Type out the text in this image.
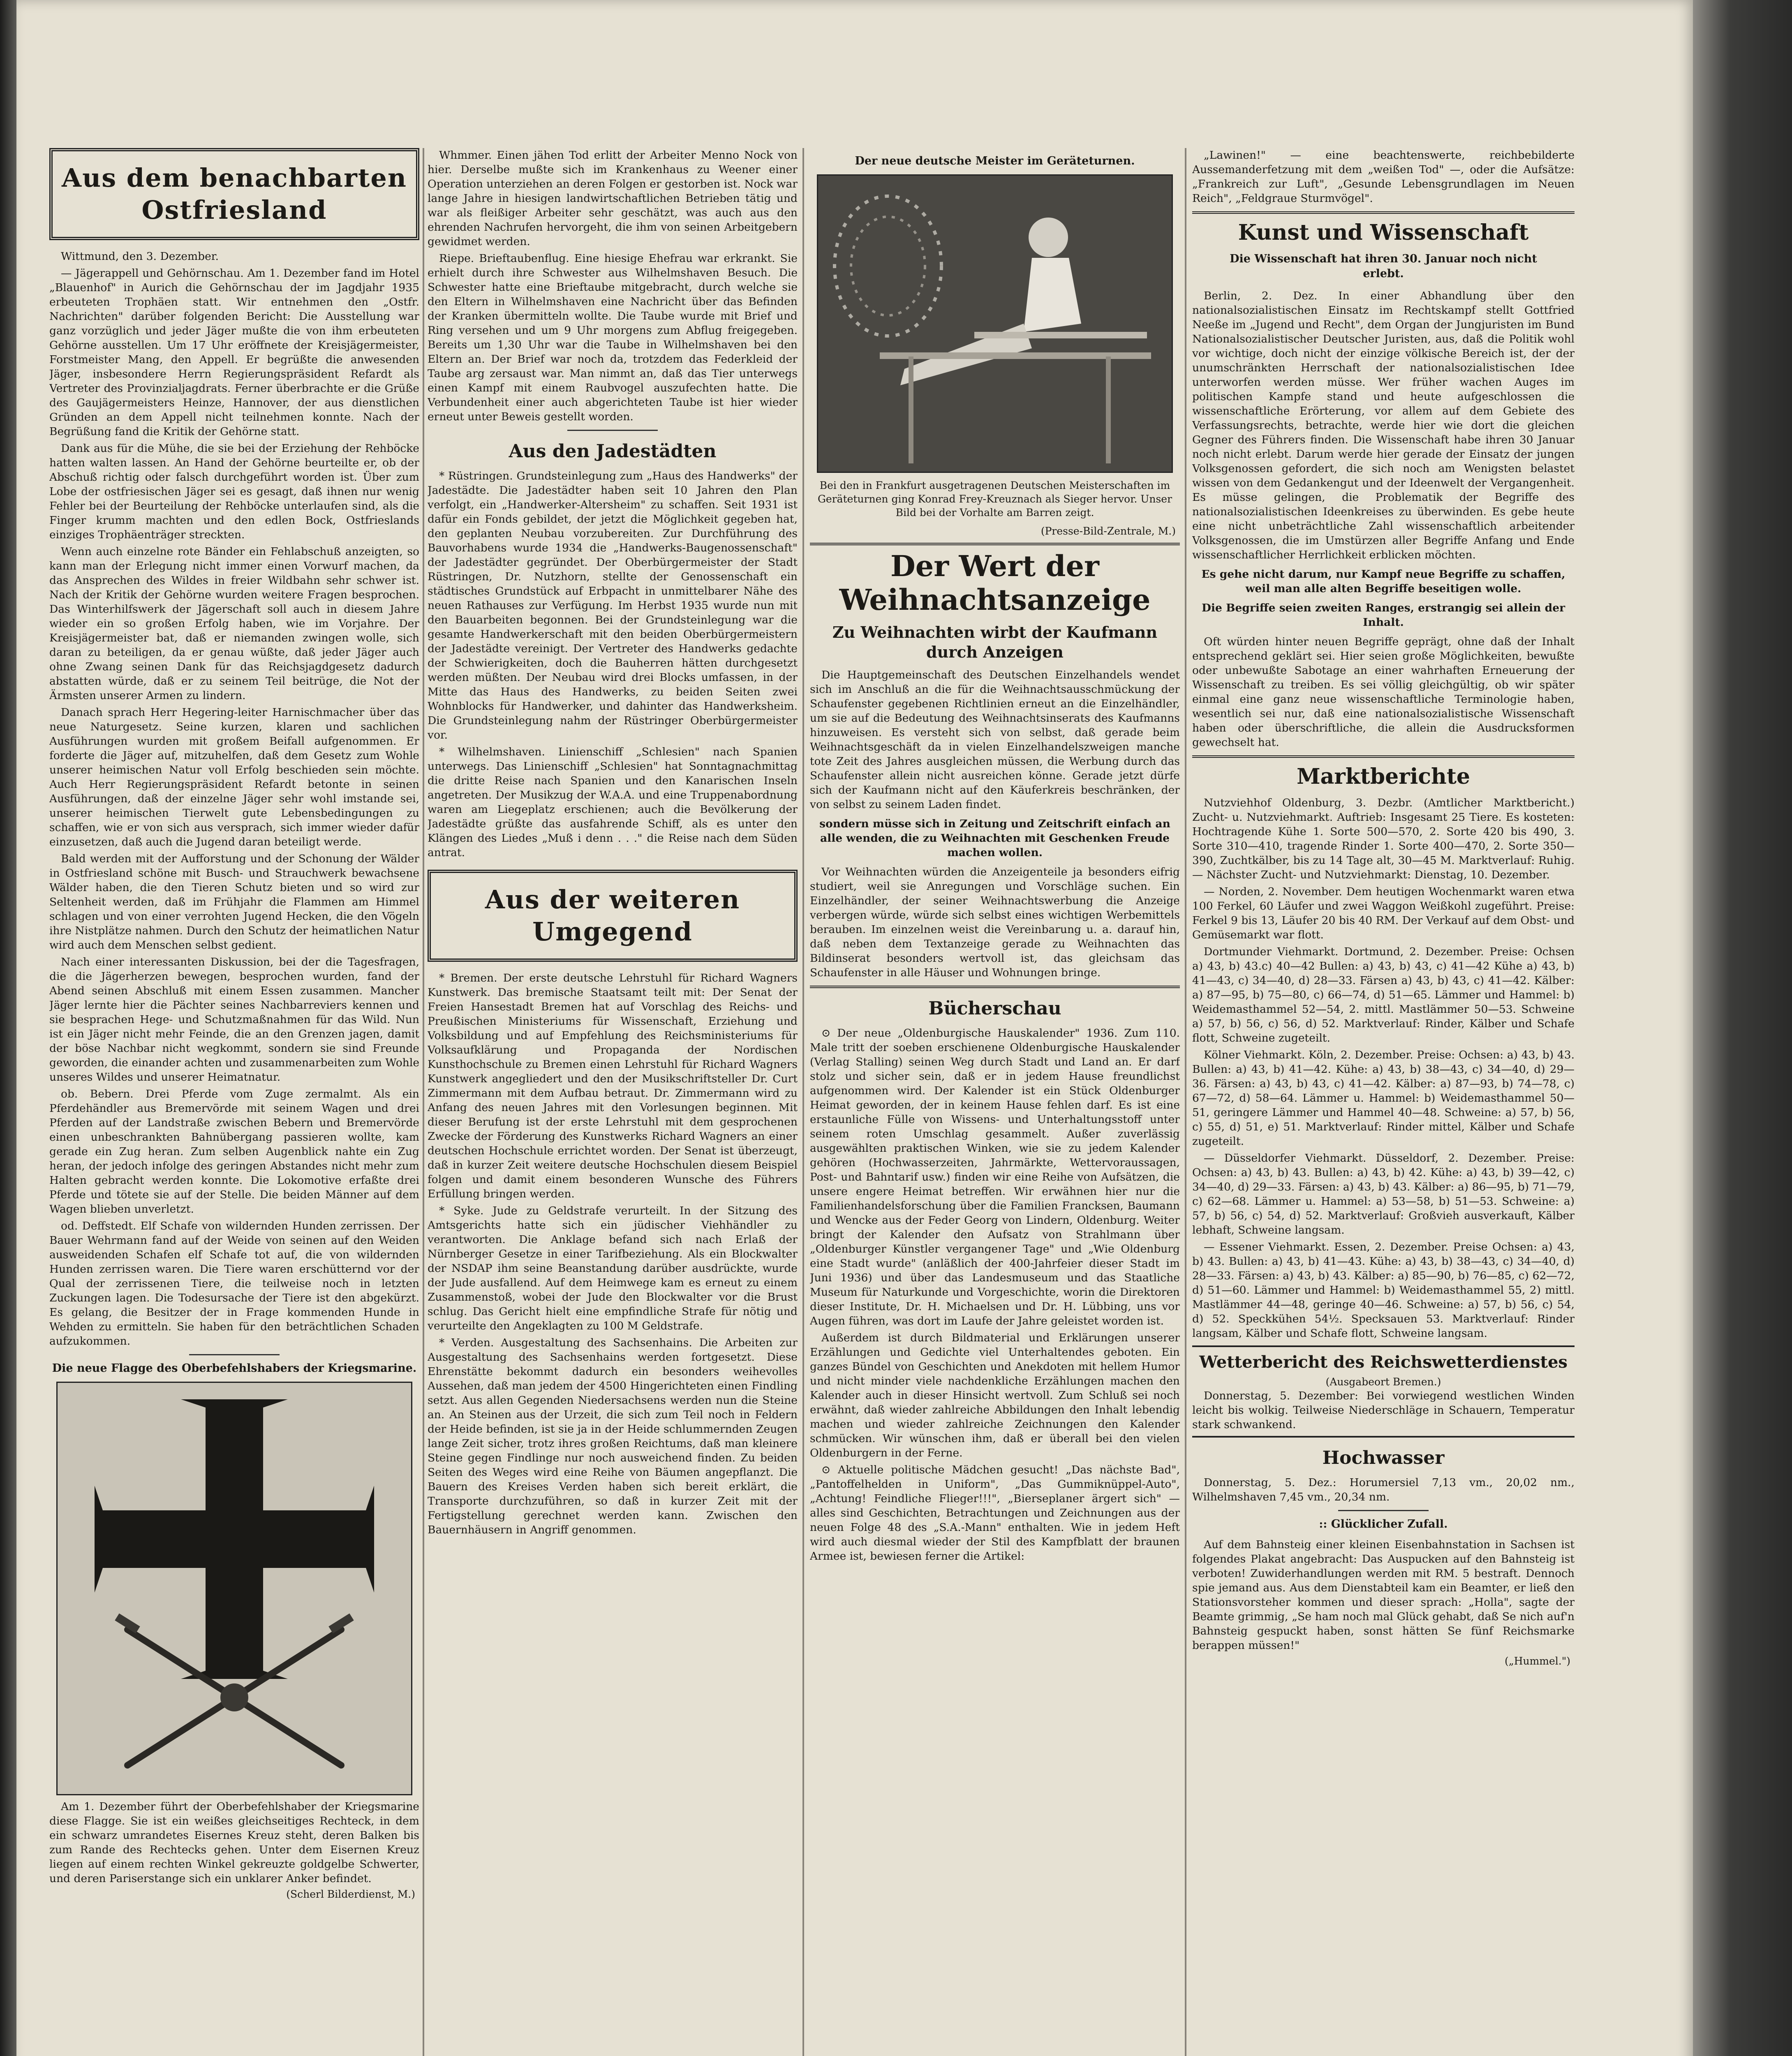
Aus dem benachbarten Ostfriesland

Wittmund, den 3. Dezember.

— Jägerappell und Gehörnschau. Am 1. Dezember fand im Hotel „Blauenhof" in Aurich die Gehörnschau der im Jagdjahr 1935 erbeuteten Trophäen statt. Wir entnehmen den „Ostfr. Nachrichten" darüber folgenden Bericht: Die Ausstellung war ganz vorzüglich und jeder Jäger mußte die von ihm erbeuteten Gehörne ausstellen. Um 17 Uhr eröffnete der Kreisjägermeister, Forstmeister Mang, den Appell. Er begrüßte die anwesenden Jäger, insbesondere Herrn Regierungspräsident Refardt als Vertreter des Provinzialjagdrats. Ferner überbrachte er die Grüße des Gaujägermeisters Heinze, Hannover, der aus dienstlichen Gründen an dem Appell nicht teilnehmen konnte. Nach der Begrüßung fand die Kritik der Gehörne statt.

Dank aus für die Mühe, die sie bei der Erziehung der Rehböcke hatten walten lassen. An Hand der Gehörne beurteilte er, ob der Abschuß richtig oder falsch durchgeführt worden ist. Über zum Lobe der ostfriesischen Jäger sei es gesagt, daß ihnen nur wenig Fehler bei der Beurteilung der Rehböcke unterlaufen sind, als die Finger krumm machten und den edlen Bock, Ostfrieslands einziges Trophäenträger streckten.

Wenn auch einzelne rote Bänder ein Fehlabschuß anzeigten, so kann man der Erlegung nicht immer einen Vorwurf machen, da das Ansprechen des Wildes in freier Wildbahn sehr schwer ist. Nach der Kritik der Gehörne wurden weitere Fragen besprochen. Das Winterhilfswerk der Jägerschaft soll auch in diesem Jahre wieder ein so großen Erfolg haben, wie im Vorjahre. Der Kreisjägermeister bat, daß er niemanden zwingen wolle, sich daran zu beteiligen, da er genau wüßte, daß jeder Jäger auch ohne Zwang seinen Dank für das Reichsjagdgesetz dadurch abstatten würde, daß er zu seinem Teil beitrüge, die Not der Ärmsten unserer Armen zu lindern.

Danach sprach Herr Hegering-leiter Harnischmacher über das neue Naturgesetz. Seine kurzen, klaren und sachlichen Ausführungen wurden mit großem Beifall aufgenommen. Er forderte die Jäger auf, mitzuhelfen, daß dem Gesetz zum Wohle unserer heimischen Natur voll Erfolg beschieden sein möchte. Auch Herr Regierungspräsident Refardt betonte in seinen Ausführungen, daß der einzelne Jäger sehr wohl imstande sei, unserer heimischen Tierwelt gute Lebensbedingungen zu schaffen, wie er von sich aus versprach, sich immer wieder dafür einzusetzen, daß auch die Jugend daran beteiligt werde.

Bald werden mit der Aufforstung und der Schonung der Wälder in Ostfriesland schöne mit Busch- und Strauchwerk bewachsene Wälder haben, die den Tieren Schutz bieten und so wird zur Seltenheit werden, daß im Frühjahr die Flammen am Himmel schlagen und von einer verrohten Jugend Hecken, die den Vögeln ihre Nistplätze nahmen. Durch den Schutz der heimatlichen Natur wird auch dem Menschen selbst gedient.

Nach einer interessanten Diskussion, bei der die Tagesfragen, die die Jägerherzen bewegen, besprochen wurden, fand der Abend seinen Abschluß mit einem Essen zusammen. Mancher Jäger lernte hier die Pächter seines Nachbarreviers kennen und sie besprachen Hege- und Schutzmaßnahmen für das Wild. Nun ist ein Jäger nicht mehr Feinde, die an den Grenzen jagen, damit der böse Nachbar nicht wegkommt, sondern sie sind Freunde geworden, die einander achten und zusammenarbeiten zum Wohle unseres Wildes und unserer Heimatnatur.

ob. Bebern. Drei Pferde vom Zuge zermalmt. Als ein Pferdehändler aus Bremervörde mit seinem Wagen und drei Pferden auf der Landstraße zwischen Bebern und Bremervörde einen unbeschrankten Bahnübergang passieren wollte, kam gerade ein Zug heran. Zum selben Augenblick nahte ein Zug heran, der jedoch infolge des geringen Abstandes nicht mehr zum Halten gebracht werden konnte. Die Lokomotive erfaßte drei Pferde und tötete sie auf der Stelle. Die beiden Männer auf dem Wagen blieben unverletzt.

od. Deffstedt. Elf Schafe von wildernden Hunden zerrissen. Der Bauer Wehrmann fand auf der Weide von seinen auf den Weiden ausweidenden Schafen elf Schafe tot auf, die von wildernden Hunden zerrissen waren. Die Tiere waren erschütternd vor der Qual der zerrissenen Tiere, die teilweise noch in letzten Zuckungen lagen. Die Todesursache der Tiere ist den abgekürzt. Es gelang, die Besitzer der in Frage kommenden Hunde in Wehden zu ermitteln. Sie haben für den beträchtlichen Schaden aufzukommen.

Die neue Flagge des Oberbefehlshabers der Kriegsmarine.

Am 1. Dezember führt der Oberbefehlshaber der Kriegsmarine diese Flagge. Sie ist ein weißes gleichseitiges Rechteck, in dem ein schwarz umrandetes Eisernes Kreuz steht, deren Balken bis zum Rande des Rechtecks gehen. Unter dem Eisernen Kreuz liegen auf einem rechten Winkel gekreuzte goldgelbe Schwerter, und deren Pariserstange sich ein unklarer Anker befindet.

(Scherl Bilderdienst, M.)

Whmmer. Einen jähen Tod erlitt der Arbeiter Menno Nock von hier. Derselbe mußte sich im Krankenhaus zu Weener einer Operation unterziehen an deren Folgen er gestorben ist. Nock war lange Jahre in hiesigen landwirtschaftlichen Betrieben tätig und war als fleißiger Arbeiter sehr geschätzt, was auch aus den ehrenden Nachrufen hervorgeht, die ihm von seinen Arbeitgebern gewidmet werden.

Riepe. Brieftaubenflug. Eine hiesige Ehefrau war erkrankt. Sie erhielt durch ihre Schwester aus Wilhelmshaven Besuch. Die Schwester hatte eine Brieftaube mitgebracht, durch welche sie den Eltern in Wilhelmshaven eine Nachricht über das Befinden der Kranken übermitteln wollte. Die Taube wurde mit Brief und Ring versehen und um 9 Uhr morgens zum Abflug freigegeben. Bereits um 1,30 Uhr war die Taube in Wilhelmshaven bei den Eltern an. Der Brief war noch da, trotzdem das Federkleid der Taube arg zersaust war. Man nimmt an, daß das Tier unterwegs einen Kampf mit einem Raubvogel auszufechten hatte. Die Verbundenheit einer auch abgerichteten Taube ist hier wieder erneut unter Beweis gestellt worden.

Aus den Jadestädten

* Rüstringen. Grundsteinlegung zum „Haus des Handwerks" der Jadestädte. Die Jadestädter haben seit 10 Jahren den Plan verfolgt, ein „Handwerker-Altersheim" zu schaffen. Seit 1931 ist dafür ein Fonds gebildet, der jetzt die Möglichkeit gegeben hat, den geplanten Neubau vorzubereiten. Zur Durchführung des Bauvorhabens wurde 1934 die „Handwerks-Baugenossenschaft" der Jadestädter gegründet. Der Oberbürgermeister der Stadt Rüstringen, Dr. Nutzhorn, stellte der Genossenschaft ein städtisches Grundstück auf Erbpacht in unmittelbarer Nähe des neuen Rathauses zur Verfügung. Im Herbst 1935 wurde nun mit den Bauarbeiten begonnen. Bei der Grundsteinlegung war die gesamte Handwerkerschaft mit den beiden Oberbürgermeistern der Jadestädte vereinigt. Der Vertreter des Handwerks gedachte der Schwierigkeiten, doch die Bauherren hätten durchgesetzt werden müßten. Der Neubau wird drei Blocks umfassen, in der Mitte das Haus des Handwerks, zu beiden Seiten zwei Wohnblocks für Handwerker, und dahinter das Handwerksheim. Die Grundsteinlegung nahm der Rüstringer Oberbürgermeister vor.

* Wilhelmshaven. Linienschiff „Schlesien" nach Spanien unterwegs. Das Linienschiff „Schlesien" hat Sonntagnachmittag die dritte Reise nach Spanien und den Kanarischen Inseln angetreten. Der Musikzug der W.A.A. und eine Truppenabordnung waren am Liegeplatz erschienen; auch die Bevölkerung der Jadestädte grüßte das ausfahrende Schiff, als es unter den Klängen des Liedes „Muß i denn . . ." die Reise nach dem Süden antrat.

Aus der weiteren Umgegend

* Bremen. Der erste deutsche Lehrstuhl für Richard Wagners Kunstwerk. Das bremische Staatsamt teilt mit: Der Senat der Freien Hansestadt Bremen hat auf Vorschlag des Reichs- und Preußischen Ministeriums für Wissenschaft, Erziehung und Volksbildung und auf Empfehlung des Reichsministeriums für Volksaufklärung und Propaganda der Nordischen Kunsthochschule zu Bremen einen Lehrstuhl für Richard Wagners Kunstwerk angegliedert und den der Musikschriftsteller Dr. Curt Zimmermann mit dem Aufbau betraut. Dr. Zimmermann wird zu Anfang des neuen Jahres mit den Vorlesungen beginnen. Mit dieser Berufung ist der erste Lehrstuhl mit dem gesprochenen Zwecke der Förderung des Kunstwerks Richard Wagners an einer deutschen Hochschule errichtet worden. Der Senat ist überzeugt, daß in kurzer Zeit weitere deutsche Hochschulen diesem Beispiel folgen und damit einem besonderen Wunsche des Führers Erfüllung bringen werden.

* Syke. Jude zu Geldstrafe verurteilt. In der Sitzung des Amtsgerichts hatte sich ein jüdischer Viehhändler zu verantworten. Die Anklage befand sich nach Erlaß der Nürnberger Gesetze in einer Tarifbeziehung. Als ein Blockwalter der NSDAP ihm seine Beanstandung darüber ausdrückte, wurde der Jude ausfallend. Auf dem Heimwege kam es erneut zu einem Zusammenstoß, wobei der Jude den Blockwalter vor die Brust schlug. Das Gericht hielt eine empfindliche Strafe für nötig und verurteilte den Angeklagten zu 100 M Geldstrafe.

* Verden. Ausgestaltung des Sachsenhains. Die Arbeiten zur Ausgestaltung des Sachsenhains werden fortgesetzt. Diese Ehrenstätte bekommt dadurch ein besonders weihevolles Aussehen, daß man jedem der 4500 Hingerichteten einen Findling setzt. Aus allen Gegenden Niedersachsens werden nun die Steine an. An Steinen aus der Urzeit, die sich zum Teil noch in Feldern der Heide befinden, ist sie ja in der Heide schlummernden Zeugen lange Zeit sicher, trotz ihres großen Reichtums, daß man kleinere Steine gegen Findlinge nur noch ausweichend finden. Zu beiden Seiten des Weges wird eine Reihe von Bäumen angepflanzt. Die Bauern des Kreises Verden haben sich bereit erklärt, die Transporte durchzuführen, so daß in kurzer Zeit mit der Fertigstellung gerechnet werden kann. Zwischen den Bauernhäusern in Angriff genommen.

Der neue deutsche Meister im Geräteturnen.
Bei den in Frankfurt ausgetragenen Deutschen Meisterschaften im Geräteturnen ging Konrad Frey-Kreuznach als Sieger hervor. Unser Bild bei der Vorhalte am Barren zeigt.
(Presse-Bild-Zentrale, M.)
Der Wert der Weihnachtsanzeige
Zu Weihnachten wirbt der Kaufmann durch Anzeigen

Die Hauptgemeinschaft des Deutschen Einzelhandels wendet sich im Anschluß an die für die Weihnachtsausschmückung der Schaufenster gegebenen Richtlinien erneut an die Einzelhändler, um sie auf die Bedeutung des Weihnachtsinserats des Kaufmanns hinzuweisen. Es versteht sich von selbst, daß gerade beim Weihnachtsgeschäft da in vielen Einzelhandelszweigen manche tote Zeit des Jahres ausgleichen müssen, die Werbung durch das Schaufenster allein nicht ausreichen könne. Gerade jetzt dürfe sich der Kaufmann nicht auf den Käuferkreis beschränken, der von selbst zu seinem Laden findet.

sondern müsse sich in Zeitung und Zeitschrift einfach an alle wenden, die zu Weihnachten mit Geschenken Freude machen wollen.

Vor Weihnachten würden die Anzeigenteile ja besonders eifrig studiert, weil sie Anregungen und Vorschläge suchen. Ein Einzelhändler, der seiner Weihnachtswerbung die Anzeige verbergen würde, würde sich selbst eines wichtigen Werbemittels berauben. Im einzelnen weist die Vereinbarung u. a. darauf hin, daß neben dem Textanzeige gerade zu Weihnachten das Bildinserat besonders wertvoll ist, das gleichsam das Schaufenster in alle Häuser und Wohnungen bringe.

Bücherschau

⊙ Der neue „Oldenburgische Hauskalender" 1936. Zum 110. Male tritt der soeben erschienene Oldenburgische Hauskalender (Verlag Stalling) seinen Weg durch Stadt und Land an. Er darf stolz und sicher sein, daß er in jedem Hause freundlichst aufgenommen wird. Der Kalender ist ein Stück Oldenburger Heimat geworden, der in keinem Hause fehlen darf. Es ist eine erstaunliche Fülle von Wissens- und Unterhaltungsstoff unter seinem roten Umschlag gesammelt. Außer zuverlässig ausgewählten praktischen Winken, wie sie zu jedem Kalender gehören (Hochwasserzeiten, Jahrmärkte, Wettervoraussagen, Post- und Bahntarif usw.) finden wir eine Reihe von Aufsätzen, die unsere engere Heimat betreffen. Wir erwähnen hier nur die Familienhandelsforschung über die Familien Francksen, Baumann und Wencke aus der Feder Georg von Lindern, Oldenburg. Weiter bringt der Kalender den Aufsatz von Strahlmann über „Oldenburger Künstler vergangener Tage" und „Wie Oldenburg eine Stadt wurde" (anläßlich der 400-Jahrfeier dieser Stadt im Juni 1936) und über das Landesmuseum und das Staatliche Museum für Naturkunde und Vorgeschichte, worin die Direktoren dieser Institute, Dr. H. Michaelsen und Dr. H. Lübbing, uns vor Augen führen, was dort im Laufe der Jahre geleistet worden ist.

Außerdem ist durch Bildmaterial und Erklärungen unserer Erzählungen und Gedichte viel Unterhaltendes geboten. Ein ganzes Bündel von Geschichten und Anekdoten mit hellem Humor und nicht minder viele nachdenkliche Erzählungen machen den Kalender auch in dieser Hinsicht wertvoll. Zum Schluß sei noch erwähnt, daß wieder zahlreiche Abbildungen den Inhalt lebendig machen und wieder zahlreiche Zeichnungen den Kalender schmücken. Wir wünschen ihm, daß er überall bei den vielen Oldenburgern in der Ferne.

⊙ Aktuelle politische Mädchen gesucht! „Das nächste Bad", „Pantoffelhelden in Uniform", „Das Gummiknüppel-Auto", „Achtung! Feindliche Flieger!!!", „Bierseplaner ärgert sich" — alles sind Geschichten, Betrachtungen und Zeichnungen aus der neuen Folge 48 des „S.A.-Mann" enthalten. Wie in jedem Heft wird auch diesmal wieder der Stil des Kampfblatt der braunen Armee ist, bewiesen ferner die Artikel:

„Lawinen!" — eine beachtenswerte, reichbebilderte Aussemanderfetzung mit dem „weißen Tod" —, oder die Aufsätze: „Frankreich zur Luft", „Gesunde Lebensgrundlagen im Neuen Reich", „Feldgraue Sturmvögel".

Kunst und Wissenschaft
Die Wissenschaft hat ihren 30. Januar noch nicht erlebt.

Berlin, 2. Dez. In einer Abhandlung über den nationalsozialistischen Einsatz im Rechtskampf stellt Gottfried Neeße im „Jugend und Recht", dem Organ der Jungjuristen im Bund Nationalsozialistischer Deutscher Juristen, aus, daß die Politik wohl vor wichtige, doch nicht der einzige völkische Bereich ist, der der unumschränkten Herrschaft der nationalsozialistischen Idee unterworfen werden müsse. Wer früher wachen Auges im politischen Kampfe stand und heute aufgeschlossen die wissenschaftliche Erörterung, vor allem auf dem Gebiete des Verfassungsrechts, betrachte, werde hier wie dort die gleichen Gegner des Führers finden. Die Wissenschaft habe ihren 30 Januar noch nicht erlebt. Darum werde hier gerade der Einsatz der jungen Volksgenossen gefordert, die sich noch am Wenigsten belastet wissen von dem Gedankengut und der Ideenwelt der Vergangenheit. Es müsse gelingen, die Problematik der Begriffe des nationalsozialistischen Ideenkreises zu überwinden. Es gebe heute eine nicht unbeträchtliche Zahl wissenschaftlich arbeitender Volksgenossen, die im Umstürzen aller Begriffe Anfang und Ende wissenschaftlicher Herrlichkeit erblicken möchten.

Es gehe nicht darum, nur Kampf neue Begriffe zu schaffen, weil man alle alten Begriffe beseitigen wolle.

Die Begriffe seien zweiten Ranges, erstrangig sei allein der Inhalt.

Oft würden hinter neuen Begriffe geprägt, ohne daß der Inhalt entsprechend geklärt sei. Hier seien große Möglichkeiten, bewußte oder unbewußte Sabotage an einer wahrhaften Erneuerung der Wissenschaft zu treiben. Es sei völlig gleichgültig, ob wir später einmal eine ganz neue wissenschaftliche Terminologie haben, wesentlich sei nur, daß eine nationalsozialistische Wissenschaft haben oder überschriftliche, die allein die Ausdrucksformen gewechselt hat.

Marktberichte

Nutzviehhof Oldenburg, 3. Dezbr. (Amtlicher Marktbericht.) Zucht- u. Nutzviehmarkt. Auftrieb: Insgesamt 25 Tiere. Es kosteten: Hochtragende Kühe 1. Sorte 500—570, 2. Sorte 420 bis 490, 3. Sorte 310—410, tragende Rinder 1. Sorte 400—470, 2. Sorte 350—390, Zuchtkälber, bis zu 14 Tage alt, 30—45 M. Marktverlauf: Ruhig. — Nächster Zucht- und Nutzviehmarkt: Dienstag, 10. Dezember.

— Norden, 2. November. Dem heutigen Wochenmarkt waren etwa 100 Ferkel, 60 Läufer und zwei Waggon Weißkohl zugeführt. Preise: Ferkel 9 bis 13, Läufer 20 bis 40 RM. Der Verkauf auf dem Obst- und Gemüsemarkt war flott.

Dortmunder Viehmarkt. Dortmund, 2. Dezember. Preise: Ochsen a) 43, b) 43.c) 40—42 Bullen: a) 43, b) 43, c) 41—42 Kühe a) 43, b) 41—43, c) 34—40, d) 28—33. Färsen a) 43, b) 43, c) 41—42. Kälber: a) 87—95, b) 75—80, c) 66—74, d) 51—65. Lämmer und Hammel: b) Weidemasthammel 52—54, 2. mittl. Mastlämmer 50—53. Schweine a) 57, b) 56, c) 56, d) 52. Marktverlauf: Rinder, Kälber und Schafe flott, Schweine zugeteilt.

Kölner Viehmarkt. Köln, 2. Dezember. Preise: Ochsen: a) 43, b) 43. Bullen: a) 43, b) 41—42. Kühe: a) 43, b) 38—43, c) 34—40, d) 29—36. Färsen: a) 43, b) 43, c) 41—42. Kälber: a) 87—93, b) 74—78, c) 67—72, d) 58—64. Lämmer u. Hammel: b) Weidemasthammel 50—51, geringere Lämmer und Hammel 40—48. Schweine: a) 57, b) 56, c) 55, d) 51, e) 51. Marktverlauf: Rinder mittel, Kälber und Schafe zugeteilt.

— Düsseldorfer Viehmarkt. Düsseldorf, 2. Dezember. Preise: Ochsen: a) 43, b) 43. Bullen: a) 43, b) 42. Kühe: a) 43, b) 39—42, c) 34—40, d) 29—33. Färsen: a) 43, b) 43. Kälber: a) 86—95, b) 71—79, c) 62—68. Lämmer u. Hammel: a) 53—58, b) 51—53. Schweine: a) 57, b) 56, c) 54, d) 52. Marktverlauf: Großvieh ausverkauft, Kälber lebhaft, Schweine langsam.

— Essener Viehmarkt. Essen, 2. Dezember. Preise Ochsen: a) 43, b) 43. Bullen: a) 43, b) 41—43. Kühe: a) 43, b) 38—43, c) 34—40, d) 28—33. Färsen: a) 43, b) 43. Kälber: a) 85—90, b) 76—85, c) 62—72, d) 51—60. Lämmer und Hammel: b) Weidemasthammel 55, 2) mittl. Mastlämmer 44—48, geringe 40—46. Schweine: a) 57, b) 56, c) 54, d) 52. Speckkühen 54½. Specksauen 53. Marktverlauf: Rinder langsam, Kälber und Schafe flott, Schweine langsam.

Wetterbericht des Reichswetterdienstes
(Ausgabeort Bremen.)

Donnerstag, 5. Dezember: Bei vorwiegend westlichen Winden leicht bis wolkig. Teilweise Niederschläge in Schauern, Temperatur stark schwankend.

Hochwasser

Donnerstag, 5. Dez.: Horumersiel 7,13 vm., 20,02 nm., Wilhelmshaven 7,45 vm., 20,34 nm.

:: Glücklicher Zufall.

Auf dem Bahnsteig einer kleinen Eisenbahnstation in Sachsen ist folgendes Plakat angebracht: Das Auspucken auf den Bahnsteig ist verboten! Zuwiderhandlungen werden mit RM. 5 bestraft. Dennoch spie jemand aus. Aus dem Dienstabteil kam ein Beamter, er ließ den Stationsvorsteher kommen und dieser sprach: „Holla", sagte der Beamte grimmig, „Se ham noch mal Glück gehabt, daß Se nich auf'n Bahnsteig gespuckt haben, sonst hätten Se fünf Reichsmarke berappen müssen!"

(„Hummel.")
